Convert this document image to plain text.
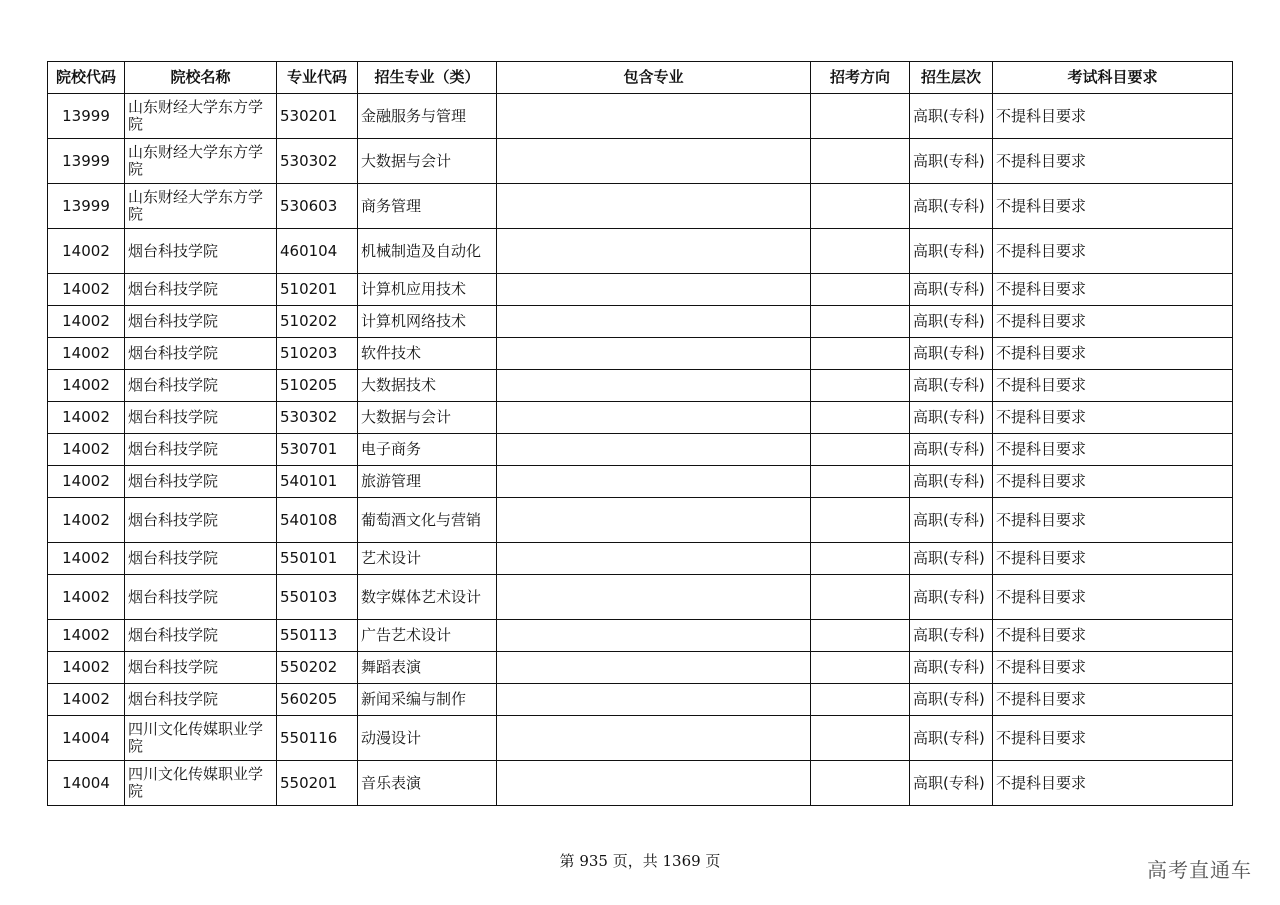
院校代码	院校名称	专业代码	招生专业（类）	包含专业	招考方向	招生层次	考试科目要求
13999	山东财经大学东方学院	530201	金融服务与管理			高职(专科)	不提科目要求
13999	山东财经大学东方学院	530302	大数据与会计			高职(专科)	不提科目要求
13999	山东财经大学东方学院	530603	商务管理			高职(专科)	不提科目要求
14002	烟台科技学院	460104	机械制造及自动化			高职(专科)	不提科目要求
14002	烟台科技学院	510201	计算机应用技术			高职(专科)	不提科目要求
14002	烟台科技学院	510202	计算机网络技术			高职(专科)	不提科目要求
14002	烟台科技学院	510203	软件技术			高职(专科)	不提科目要求
14002	烟台科技学院	510205	大数据技术			高职(专科)	不提科目要求
14002	烟台科技学院	530302	大数据与会计			高职(专科)	不提科目要求
14002	烟台科技学院	530701	电子商务			高职(专科)	不提科目要求
14002	烟台科技学院	540101	旅游管理			高职(专科)	不提科目要求
14002	烟台科技学院	540108	葡萄酒文化与营销			高职(专科)	不提科目要求
14002	烟台科技学院	550101	艺术设计			高职(专科)	不提科目要求
14002	烟台科技学院	550103	数字媒体艺术设计			高职(专科)	不提科目要求
14002	烟台科技学院	550113	广告艺术设计			高职(专科)	不提科目要求
14002	烟台科技学院	550202	舞蹈表演			高职(专科)	不提科目要求
14002	烟台科技学院	560205	新闻采编与制作			高职(专科)	不提科目要求
14004	四川文化传媒职业学院	550116	动漫设计			高职(专科)	不提科目要求
14004	四川文化传媒职业学院	550201	音乐表演			高职(专科)	不提科目要求
第 935 页，共 1369 页	高考直通车
